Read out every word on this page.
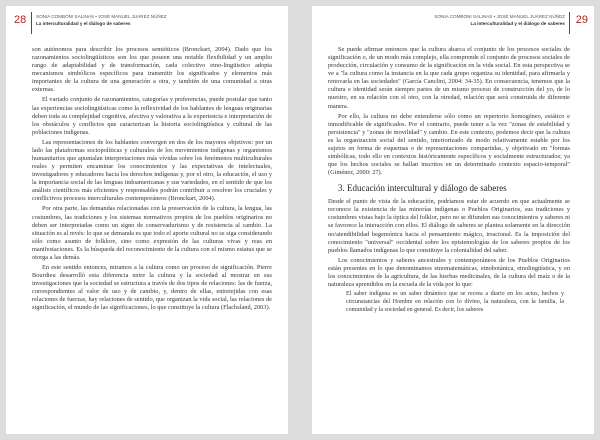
28 SONIA COMBONI SALINAS • JOSÉ MANUEL JUÁREZ NÚÑEZ
La interculturalidad y el diálogo de saberes

son autónomos para describir los procesos semióticos (Bronckart, 2004). Dado que los razonamientos sociolingüísticos son los que poseen una notable flexibilidad y un amplio rango de adaptabilidad y de transformación, cada colectivo etno-lingüístico adopta mecanismos simbólicos específicos para transmitir los significados y elementos más importantes de la cultura de una generación a otra, y también de una comunidad a otras externas.

El variado conjunto de razonamientos, categorías y preferencias, puede postular que tanto las experiencias sociolingüísticas como la reflexividad de los hablantes de lenguas originarias deben toda su complejidad cognitiva, afectiva y valorativa a la experiencia e interpretación de los obstáculos y conflictos que caracterizan la historia sociolingüística y cultural de las poblaciones indígenas.

Las representaciones de los hablantes convergen en dos de los mayores objetivos: por un lado las plataformas sociopolíticas y culturales de los movimientos indígenas y organismos humanitarios que apuntalan interpretaciones más vívidas sobre los fenómenos multiculturales reales y permiten encaminar los conocimientos y las expectativas de intelectuales, investigadores y educadores hacia los derechos indígenas y, por el otro, la educación, el uso y la importancia social de las lenguas indoamericanas y sus variedades, en el sentido de que los análisis científicos más eficientes y responsables podrán contribuir a resolver los cruciales y conflictivos procesos interculturales contemporáneos (Bronckart, 2004).

Por otra parte, las demandas relacionadas con la preservación de la cultura, la lengua, las costumbres, las tradiciones y los sistemas normativos propios de los pueblos originarios no deben ser interpretadas como un signo de conservadurismo y de resistencia al cambio. La situación es al revés: lo que se demanda es que todo el aporte cultural no se siga considerando sólo como asunto de folklore, sino como expresión de las culturas vivas y reas en manifestaciones. Es la búsqueda del reconocimiento de la cultura con el mismo estatus que se otorga a las demás.

En este sentido entonces, miramos a la cultura como un proceso de significación. Pierre Bourdieu desarrolló esta diferencia entre la cultura y la sociedad al mostrar en sus investigaciones que la sociedad se estructura a través de dos tipos de relaciones: las de fuerza, correspondientes al valor de uso y de cambio, y, dentro de ellas, entretejidas con esas relaciones de fuerzas, hay relaciones de sentido, que organizan la vida social, las relaciones de significación, el mundo de las significaciones, lo que constituye la cultura (Flachsland, 2003).

SONIA COMBONI SALINAS • JOSÉ MANUEL JUÁREZ NÚÑEZ
La interculturalidad y el diálogo de saberes 29

Se puede afirmar entonces que la cultura abarca el conjunto de los procesos sociales de significación o, de un modo más complejo, ella comprende el conjunto de procesos sociales de producción, circulación y consumo de la significación en la vida social. En esta perspectiva se ve a "la cultura como la instancia en la que cada grupo organiza su identidad, para afirmarla y renovarla en las sociedades" (García Canclini, 2004: 34-35). En consecuencia, tenemos que la cultura e identidad serán siempre partes de un mismo proceso de construcción del yo, de lo nuestro, en su relación con el otro, con la otredad, relación que será construida de diferente manera.

Por ello, la cultura no debe entenderse sólo como un repertorio homogéneo, estático e inmodificable de significados. Por el contrario, puede tener a la vez "zonas de estabilidad y persistencia" y "zonas de movilidad" y cambio. En este contexto, podemos decir que la cultura es la organización social del sentido, interiorizado de modo relativamente estable por los sujetos en forma de esquemas o de representaciones compartidas, y objetivado en "formas simbólicas, todo ello en contextos históricamente específicos y socialmente estructurados; ya que los hechos sociales se hallan inscritos en un determinado contexto espacio-temporal" (Giménez, 2000: 27).

3. Educación intercultural y diálogo de saberes

Desde el punto de vista de la educación, podríamos estar de acuerdo en que actualmente se reconoce la existencia de las minorías indígenas o Pueblos Originarios, sus tradiciones y costumbres vistas bajo la óptica del folklor, pero no se difunden sus conocimientos y saberes ni se favorece la interacción con ellos. El diálogo de saberes se plantea solamente en la dirección no/atendibilidad hegemónica hacia el pensamiento mágico, irracional. Es la imposición del conocimiento "universal" occidental sobre los epistemologías de los saberes propios de los pueblos llamados indígenas lo que constituye la colonialidad del saber.

Los conocimientos y saberes ancestrales y contemporáneos de los Pueblos Originarios están presentes en lo que denominamos etnomatemáticas, etnobotánica, etnolingüística, y en los conocimientos de la agricultura, de las hierbas medicinales, de la cultura del maíz o de la naturaleza aprendidos en la escuela de la vida por lo que:

El saber indígena es un saber dinámico que se recrea a diario en los actos, hechos y circunstancias del Hombre en relación con lo divino, la naturaleza, con la familia, la comunidad y la sociedad en general. Es decir, los saberes
